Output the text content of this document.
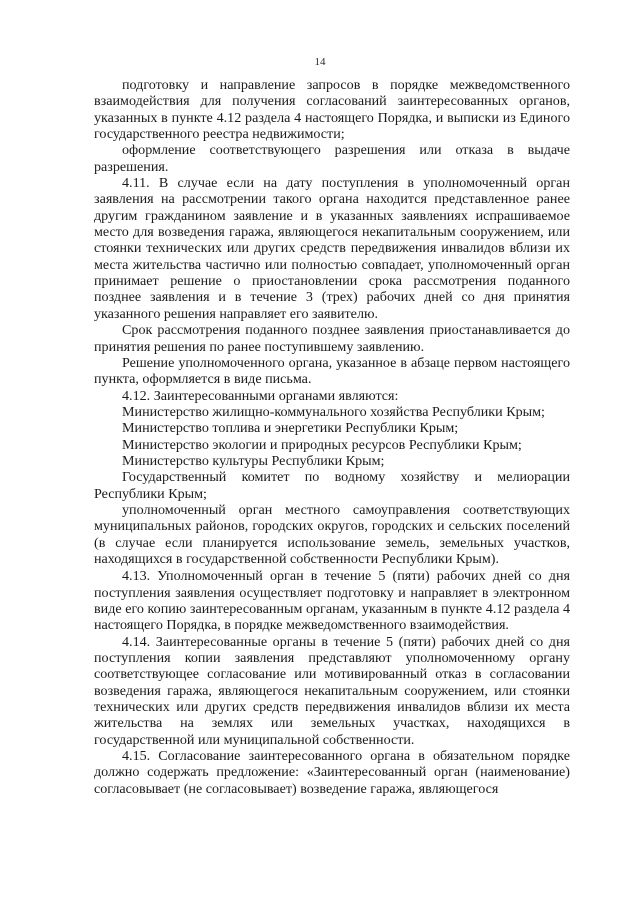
14

подготовку и направление запросов в порядке межведомственного взаимодействия для получения согласований заинтересованных органов, указанных в пункте 4.12 раздела 4 настоящего Порядка, и выписки из Единого государственного реестра недвижимости;

оформление соответствующего разрешения или отказа в выдаче разрешения.

4.11. В случае если на дату поступления в уполномоченный орган заявления на рассмотрении такого органа находится представленное ранее другим гражданином заявление и в указанных заявлениях испрашиваемое место для возведения гаража, являющегося некапитальным сооружением, или стоянки технических или других средств передвижения инвалидов вблизи их места жительства частично или полностью совпадает, уполномоченный орган принимает решение о приостановлении срока рассмотрения поданного позднее заявления и в течение 3 (трех) рабочих дней со дня принятия указанного решения направляет его заявителю.

Срок рассмотрения поданного позднее заявления приостанавливается до принятия решения по ранее поступившему заявлению.

Решение уполномоченного органа, указанное в абзаце первом настоящего пункта, оформляется в виде письма.

4.12. Заинтересованными органами являются:

Министерство жилищно-коммунального хозяйства Республики Крым;

Министерство топлива и энергетики Республики Крым;

Министерство экологии и природных ресурсов Республики Крым;

Министерство культуры Республики Крым;

Государственный комитет по водному хозяйству и мелиорации Республики Крым;

уполномоченный орган местного самоуправления соответствующих муниципальных районов, городских округов, городских и сельских поселений (в случае если планируется использование земель, земельных участков, находящихся в государственной собственности Республики Крым).

4.13. Уполномоченный орган в течение 5 (пяти) рабочих дней со дня поступления заявления осуществляет подготовку и направляет в электронном виде его копию заинтересованным органам, указанным в пункте 4.12 раздела 4 настоящего Порядка, в порядке межведомственного взаимодействия.

4.14. Заинтересованные органы в течение 5 (пяти) рабочих дней со дня поступления копии заявления представляют уполномоченному органу соответствующее согласование или мотивированный отказ в согласовании возведения гаража, являющегося некапитальным сооружением, или стоянки технических или других средств передвижения инвалидов вблизи их места жительства на землях или земельных участках, находящихся в государственной или муниципальной собственности.

4.15. Согласование заинтересованного органа в обязательном порядке должно содержать предложение: «Заинтересованный орган (наименование) согласовывает (не согласовывает) возведение гаража, являющегося
